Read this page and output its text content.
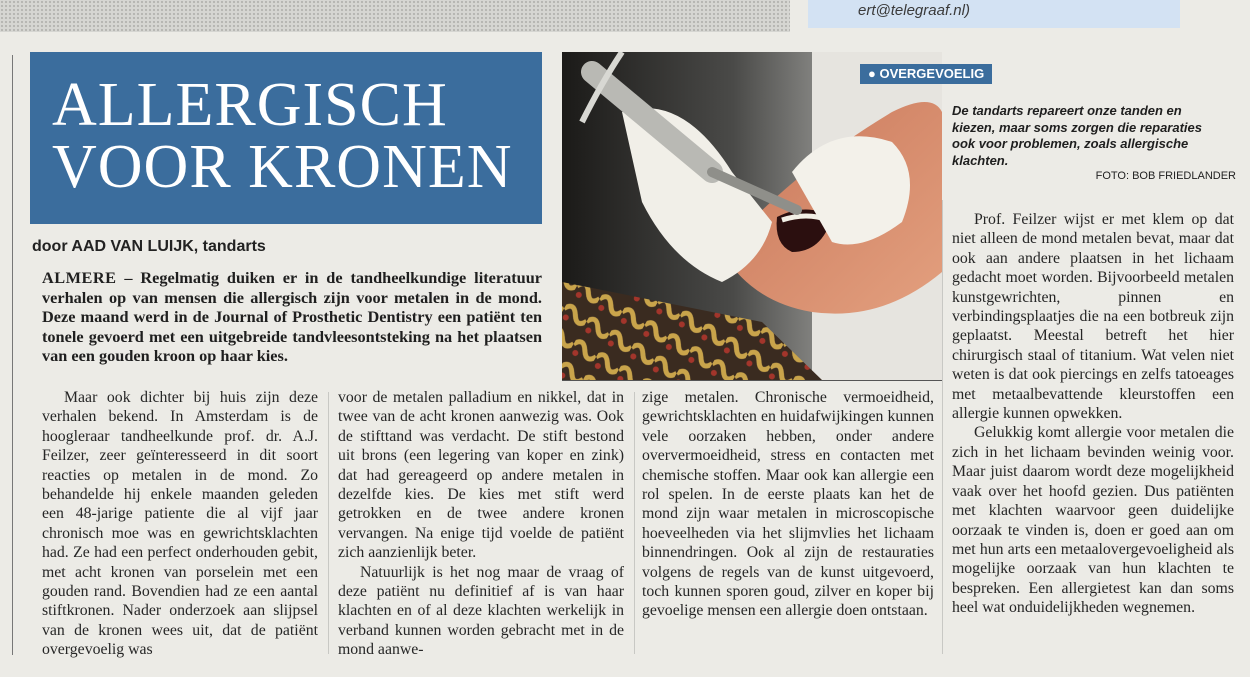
ert@telegraaf.nl)
ALLERGISCH
VOOR KRONEN
door AAD VAN LUIJK, tandarts
ALMERE – Regelmatig duiken er in de tandheelkundige literatuur verhalen op van mensen die allergisch zijn voor metalen in de mond. Deze maand werd in de Journal of Prosthetic Dentistry een patiënt ten tonele gevoerd met een uitgebreide tandvleesontsteking na het plaatsen van een gouden kroon op haar kies.
● OVERGEVOELIG
De tandarts repareert onze tanden en kiezen, maar soms zorgen die reparaties ook voor problemen, zoals allergische klachten.
FOTO: BOB FRIEDLANDER

Maar ook dichter bij huis zijn deze verhalen bekend. In Amsterdam is de hoogleraar tandheelkunde prof. dr. A.J. Feilzer, zeer geïnteresseerd in dit soort reacties op metalen in de mond. Zo behandelde hij enkele maanden geleden een 48-jarige patiente die al vijf jaar chronisch moe was en gewrichtsklachten had. Ze had een perfect onderhouden gebit, met acht kronen van porselein met een gouden rand. Bovendien had ze een aantal stiftkronen. Nader onderzoek aan slijpsel van de kronen wees uit, dat de patiënt overgevoelig was

voor de metalen palladium en nikkel, dat in twee van de acht kronen aanwezig was. Ook de stifttand was verdacht. De stift bestond uit brons (een legering van koper en zink) dat had gereageerd op andere metalen in dezelfde kies. De kies met stift werd getrokken en de twee andere kronen vervangen. Na enige tijd voelde de patiënt zich aanzienlijk beter.

Natuurlijk is het nog maar de vraag of deze patiënt nu definitief af is van haar klachten en of al deze klachten werkelijk in verband kunnen worden gebracht met in de mond aanwe-

zige metalen. Chronische vermoeidheid, gewrichtsklachten en huidafwijkingen kunnen vele oorzaken hebben, onder andere oververmoeidheid, stress en contacten met chemische stoffen. Maar ook kan allergie een rol spelen. In de eerste plaats kan het de mond zijn waar metalen in microscopische hoeveelheden via het slijmvlies het lichaam binnendringen. Ook al zijn de restauraties volgens de regels van de kunst uitgevoerd, toch kunnen sporen goud, zilver en koper bij gevoelige mensen een allergie doen ontstaan.

Prof. Feilzer wijst er met klem op dat niet alleen de mond metalen bevat, maar dat ook aan andere plaatsen in het lichaam gedacht moet worden. Bijvoorbeeld metalen kunstgewrichten, pinnen en verbindingsplaatjes die na een botbreuk zijn geplaatst. Meestal betreft het hier chirurgisch staal of titanium. Wat velen niet weten is dat ook piercings en zelfs tatoeages met metaalbevattende kleurstoffen een allergie kunnen opwekken.

Gelukkig komt allergie voor metalen die zich in het lichaam bevinden weinig voor. Maar juist daarom wordt deze mogelijkheid vaak over het hoofd gezien. Dus patiënten met klachten waarvoor geen duidelijke oorzaak te vinden is, doen er goed aan om met hun arts een metaalovergevoeligheid als mogelijke oorzaak van hun klachten te bespreken. Een allergietest kan dan soms heel wat onduidelijkheden wegnemen.
